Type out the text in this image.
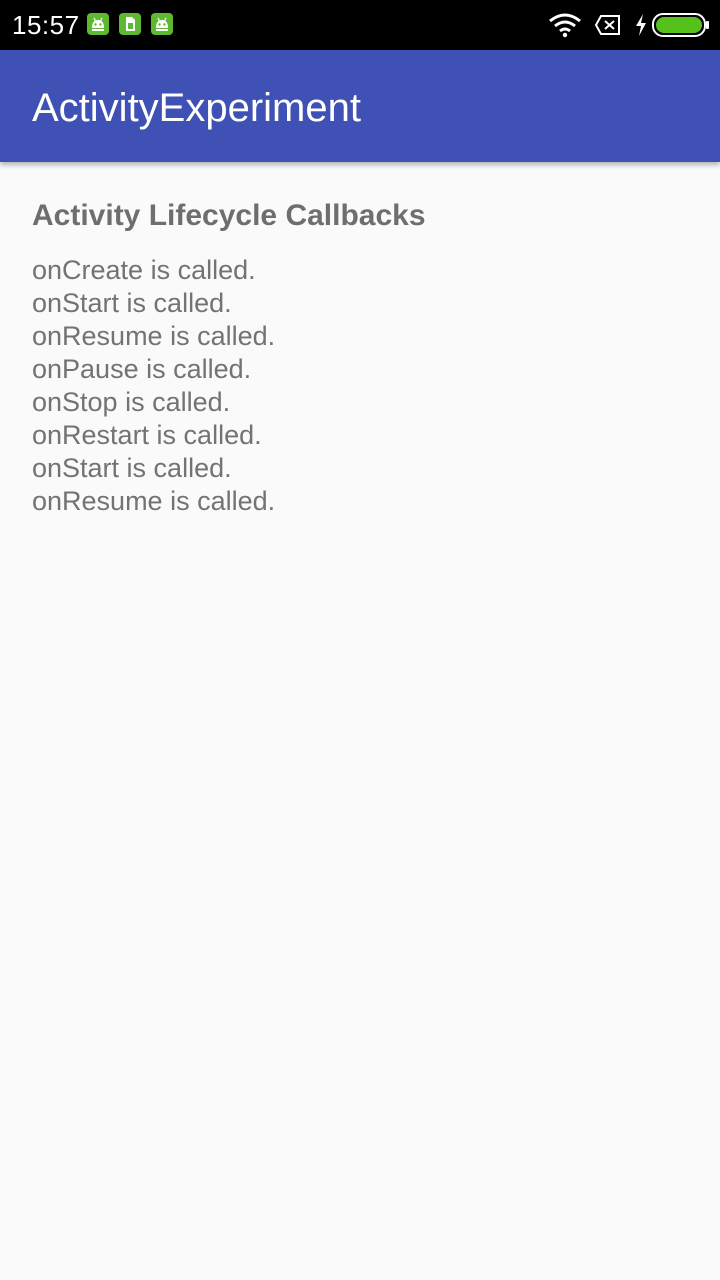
15:57
ActivityExperiment
Activity Lifecycle Callbacks
onCreate is called.
onStart is called.
onResume is called.
onPause is called.
onStop is called.
onRestart is called.
onStart is called.
onResume is called.
